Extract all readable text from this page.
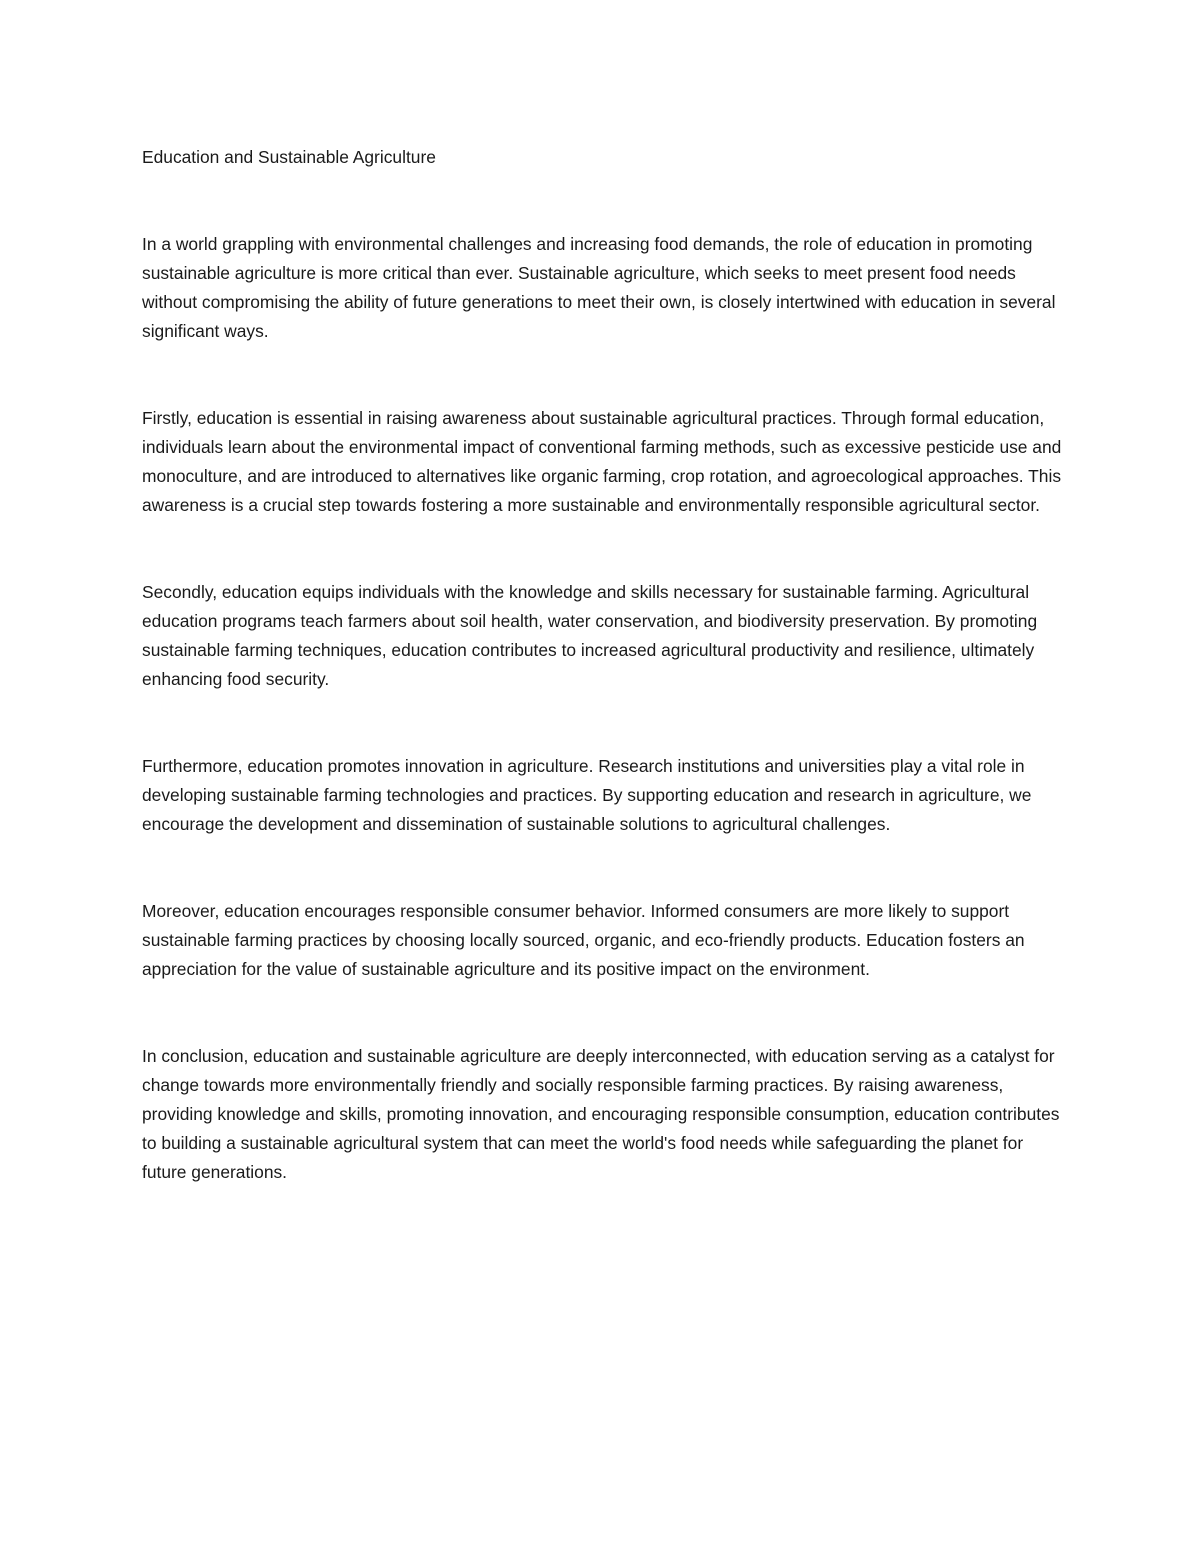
Education and Sustainable Agriculture

In a world grappling with environmental challenges and increasing food demands, the role of education in promoting sustainable agriculture is more critical than ever. Sustainable agriculture, which seeks to meet present food needs without compromising the ability of future generations to meet their own, is closely intertwined with education in several significant ways.

Firstly, education is essential in raising awareness about sustainable agricultural practices. Through formal education, individuals learn about the environmental impact of conventional farming methods, such as excessive pesticide use and monoculture, and are introduced to alternatives like organic farming, crop rotation, and agroecological approaches. This awareness is a crucial step towards fostering a more sustainable and environmentally responsible agricultural sector.

Secondly, education equips individuals with the knowledge and skills necessary for sustainable farming. Agricultural education programs teach farmers about soil health, water conservation, and biodiversity preservation. By promoting sustainable farming techniques, education contributes to increased agricultural productivity and resilience, ultimately enhancing food security.

Furthermore, education promotes innovation in agriculture. Research institutions and universities play a vital role in developing sustainable farming technologies and practices. By supporting education and research in agriculture, we encourage the development and dissemination of sustainable solutions to agricultural challenges.

Moreover, education encourages responsible consumer behavior. Informed consumers are more likely to support sustainable farming practices by choosing locally sourced, organic, and eco-friendly products. Education fosters an appreciation for the value of sustainable agriculture and its positive impact on the environment.

In conclusion, education and sustainable agriculture are deeply interconnected, with education serving as a catalyst for change towards more environmentally friendly and socially responsible farming practices. By raising awareness, providing knowledge and skills, promoting innovation, and encouraging responsible consumption, education contributes to building a sustainable agricultural system that can meet the world's food needs while safeguarding the planet for future generations.
